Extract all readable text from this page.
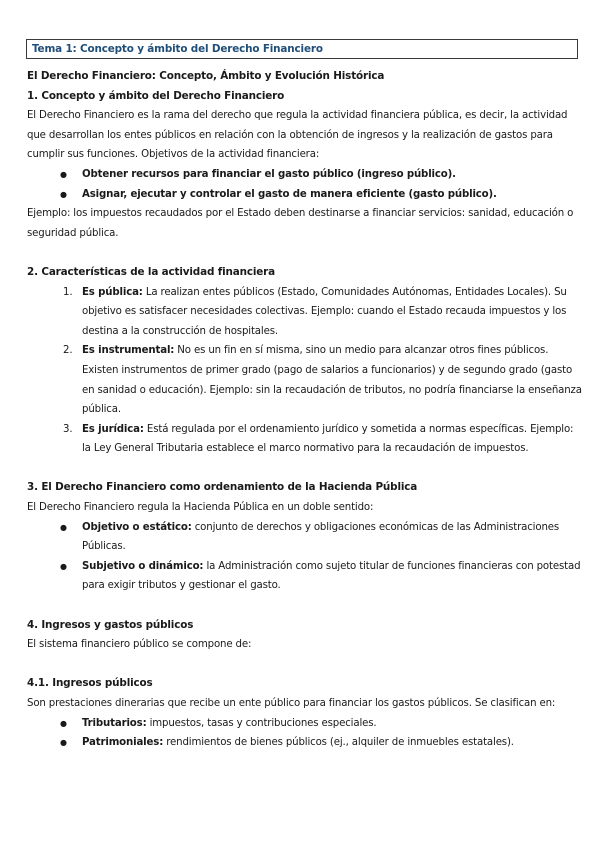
Tema 1: Concepto y ámbito del Derecho Financiero
El Derecho Financiero: Concepto, Ámbito y Evolución Histórica
1. Concepto y ámbito del Derecho Financiero

El Derecho Financiero es la rama del derecho que regula la actividad financiera pública, es decir, la actividad que desarrollan los entes públicos en relación con la obtención de ingresos y la realización de gastos para cumplir sus funciones. Objetivos de la actividad financiera:

● Obtener recursos para financiar el gasto público (ingreso público).
● Asignar, ejecutar y controlar el gasto de manera eficiente (gasto público).

Ejemplo: los impuestos recaudados por el Estado deben destinarse a financiar servicios: sanidad, educación o seguridad pública.

2. Características de la actividad financiera
1. Es pública: La realizan entes públicos (Estado, Comunidades Autónomas, Entidades Locales). Su objetivo es satisfacer necesidades colectivas. Ejemplo: cuando el Estado recauda impuestos y los destina a la construcción de hospitales.
2. Es instrumental: No es un fin en sí misma, sino un medio para alcanzar otros fines públicos. Existen instrumentos de primer grado (pago de salarios a funcionarios) y de segundo grado (gasto en sanidad o educación). Ejemplo: sin la recaudación de tributos, no podría financiarse la enseñanza pública.
3. Es jurídica: Está regulada por el ordenamiento jurídico y sometida a normas específicas. Ejemplo: la Ley General Tributaria establece el marco normativo para la recaudación de impuestos.
3. El Derecho Financiero como ordenamiento de la Hacienda Pública

El Derecho Financiero regula la Hacienda Pública en un doble sentido:

● Objetivo o estático: conjunto de derechos y obligaciones económicas de las Administraciones Públicas.
● Subjetivo o dinámico: la Administración como sujeto titular de funciones financieras con potestad para exigir tributos y gestionar el gasto.
4. Ingresos y gastos públicos

El sistema financiero público se compone de:

4.1. Ingresos públicos

Son prestaciones dinerarias que recibe un ente público para financiar los gastos públicos. Se clasifican en:

● Tributarios: impuestos, tasas y contribuciones especiales.
● Patrimoniales: rendimientos de bienes públicos (ej., alquiler de inmuebles estatales).
